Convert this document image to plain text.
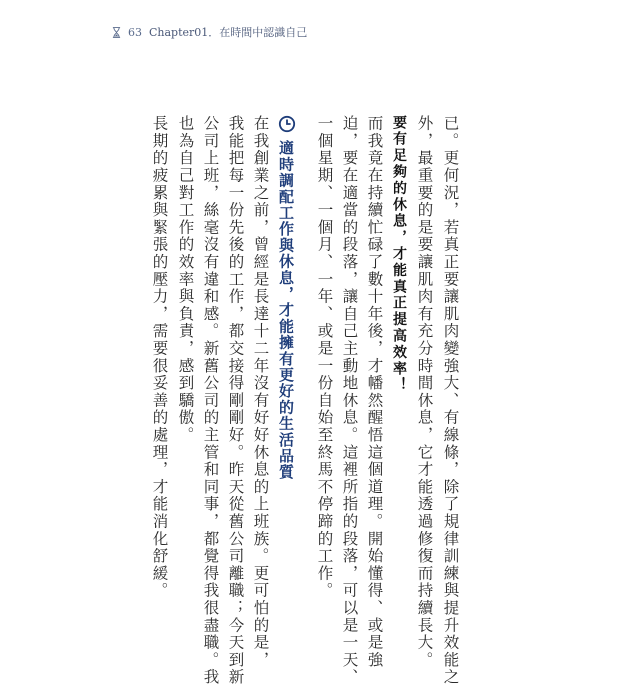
63 Chapter01．在時間中認識自己
已。更何況，若真正要讓肌肉變強大、有線條，除了規律訓練與提升效能之
外，最重要的是要讓肌肉有充分時間休息，它才能透過修復而持續長大。
要有足夠的休息，才能真正提高效率！
而我竟在持續忙碌了數十年後，才幡然醒悟這個道理。開始懂得、或是強
迫，要在適當的段落，讓自己主動地休息。這裡所指的段落，可以是一天、
一個星期、一個月、一年、或是一份自始至終馬不停蹄的工作。
適時調配工作與休息，才能擁有更好的生活品質
在我創業之前，曾經是長達十二年沒有好好休息的上班族。更可怕的是，
我能把每一份先後的工作，都交接得剛剛好。昨天從舊公司離職；今天到新
公司上班，絲毫沒有違和感。新舊公司的主管和同事，都覺得我很盡職。我
也為自己對工作的效率與負責，感到驕傲。
長期的疲累與緊張的壓力，需要很妥善的處理，才能消化舒緩。
